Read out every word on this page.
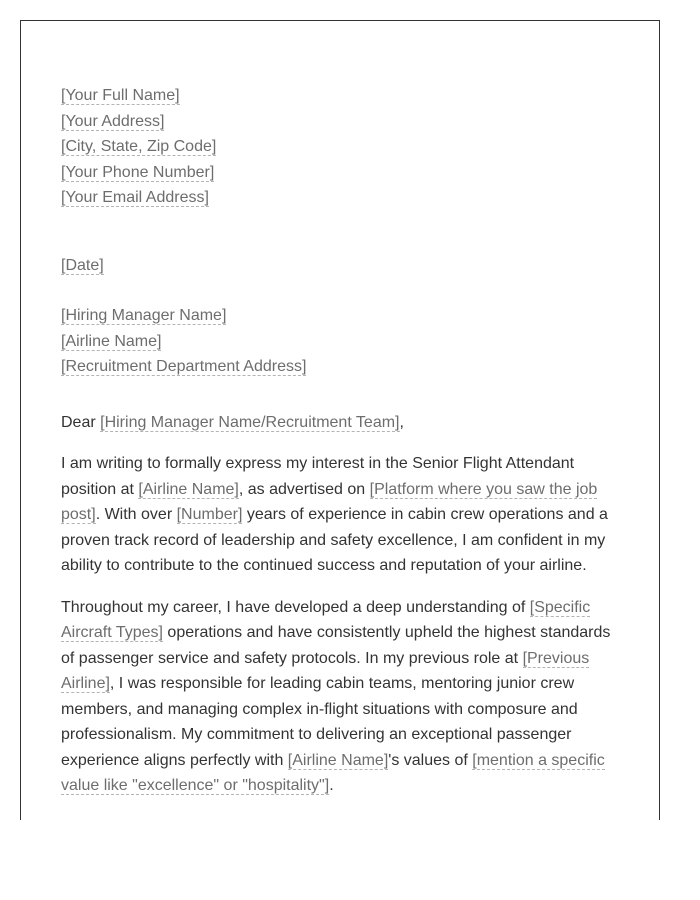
[Your Full Name]
[Your Address]
[City, State, Zip Code]
[Your Phone Number]
[Your Email Address]
[Date]
[Hiring Manager Name]
[Airline Name]
[Recruitment Department Address]

Dear [Hiring Manager Name/Recruitment Team],

I am writing to formally express my interest in the Senior Flight Attendant position at [Airline Name], as advertised on [Platform where you saw the job post]. With over [Number] years of experience in cabin crew operations and a proven track record of leadership and safety excellence, I am confident in my ability to contribute to the continued success and reputation of your airline.

Throughout my career, I have developed a deep understanding of [Specific Aircraft Types] operations and have consistently upheld the highest standards of passenger service and safety protocols. In my previous role at [Previous Airline], I was responsible for leading cabin teams, mentoring junior crew members, and managing complex in-flight situations with composure and professionalism. My commitment to delivering an exceptional passenger experience aligns perfectly with [Airline Name]'s values of [mention a specific value like "excellence" or "hospitality"].
